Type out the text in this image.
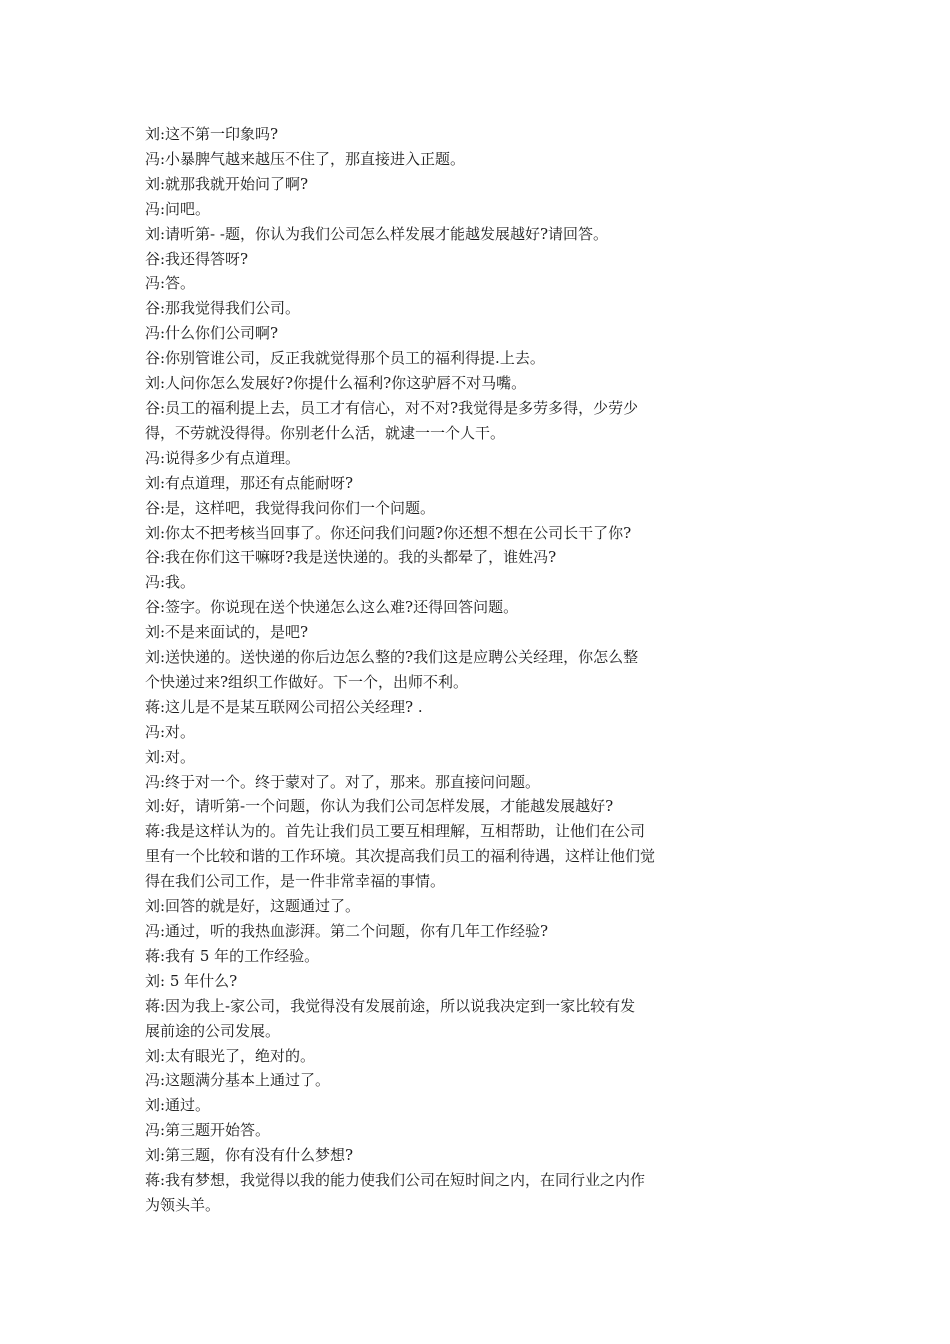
刘:这不第一印象吗?
冯:小暴脾气越来越压不住了，那直接进入正题。
刘:就那我就开始问了啊?
冯:问吧。
刘:请听第- -题，你认为我们公司怎么样发展才能越发展越好?请回答。
谷:我还得答呀?
冯:答。
谷:那我觉得我们公司。
冯:什么你们公司啊?
谷:你别管谁公司，反正我就觉得那个员工的福利得提.上去。
刘:人问你怎么发展好?你提什么福利?你这驴唇不对马嘴。
谷:员工的福利提上去，员工才有信心，对不对?我觉得是多劳多得，少劳少
得，不劳就没得得。你别老什么活，就逮一一个人干。
冯:说得多少有点道理。
刘:有点道理，那还有点能耐呀?
谷:是，这样吧，我觉得我问你们一个问题。
刘:你太不把考核当回事了。你还问我们问题?你还想不想在公司长干了你?
谷:我在你们这干嘛呀?我是送快递的。我的头都晕了，谁姓冯?
冯:我。
谷:签字。你说现在送个快递怎么这么难?还得回答问题。
刘:不是来面试的，是吧?
刘:送快递的。送快递的你后边怎么整的?我们这是应聘公关经理，你怎么整
个快递过来?组织工作做好。下一个，出师不利。
蒋:这儿是不是某互联网公司招公关经理? .
冯:对。
刘:对。
冯:终于对一个。终于蒙对了。对了，那来。那直接问问题。
刘:好，请听第-一个问题，你认为我们公司怎样发展，才能越发展越好?
蒋:我是这样认为的。首先让我们员工要互相理解，互相帮助，让他们在公司
里有一个比较和谐的工作环境。其次提高我们员工的福利待遇，这样让他们觉
得在我们公司工作，是一件非常幸福的事情。
刘:回答的就是好，这题通过了。
冯:通过，听的我热血澎湃。第二个问题，你有几年工作经验?
蒋:我有 5 年的工作经验。
刘: 5 年什么?
蒋:因为我上-家公司，我觉得没有发展前途，所以说我决定到一家比较有发
展前途的公司发展。
刘:太有眼光了，绝对的。
冯:这题满分基本上通过了。
刘:通过。
冯:第三题开始答。
刘:第三题，你有没有什么梦想?
蒋:我有梦想，我觉得以我的能力使我们公司在短时间之内，在同行业之内作
为领头羊。
